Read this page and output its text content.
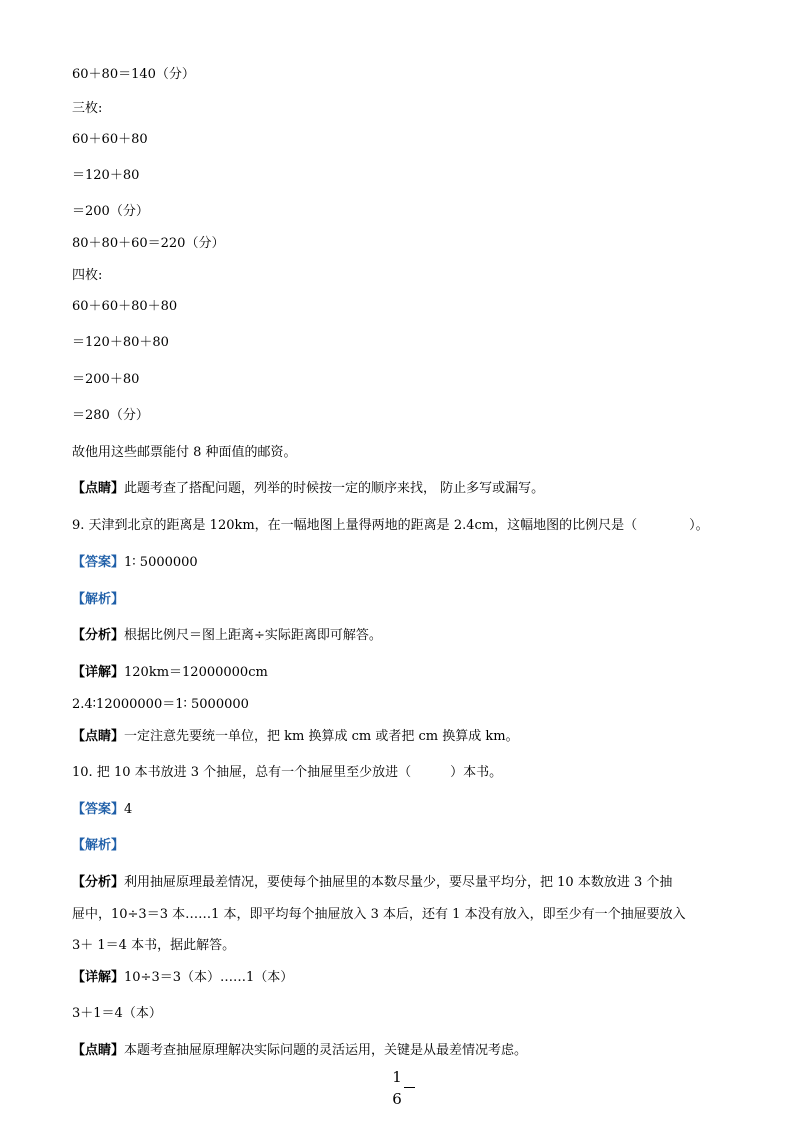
60＋80＝140（分）
三枚:
60＋60＋80
＝120＋80
＝200（分）
80＋80＋60＝220（分）
四枚:
60＋60＋80＋80
＝120＋80＋80
＝200＋80
＝280（分）
故他用这些邮票能付 8 种面值的邮资。
【点睛】此题考查了搭配问题，列举的时候按一定的顺序来找， 防止多写或漏写。
9. 天津到北京的距离是 120km，在一幅地图上量得两地的距离是 2.4cm，这幅地图的比例尺是（　　　　）。
【答案】1∶ 5000000
【解析】
【分析】根据比例尺＝图上距离÷实际距离即可解答。
【详解】120km＝12000000cm
2.4∶12000000＝1∶ 5000000
【点睛】一定注意先要统一单位，把 km 换算成 cm 或者把 cm 换算成 km。
10. 把 10 本书放进 3 个抽屉，总有一个抽屉里至少放进（　　　）本书。
【答案】4
【解析】
【分析】利用抽屉原理最差情况，要使每个抽屉里的本数尽量少，要尽量平均分，把 10 本数放进 3 个抽
屉中，10÷3＝3 本……1 本，即平均每个抽屉放入 3 本后，还有 1 本没有放入，即至少有一个抽屉要放入
3＋ 1＝4 本书，据此解答。
【详解】10÷3＝3（本）……1（本）
3＋1＝4（本）
【点睛】本题考查抽屉原理解决实际问题的灵活运用，关键是从最差情况考虑。
1
6
